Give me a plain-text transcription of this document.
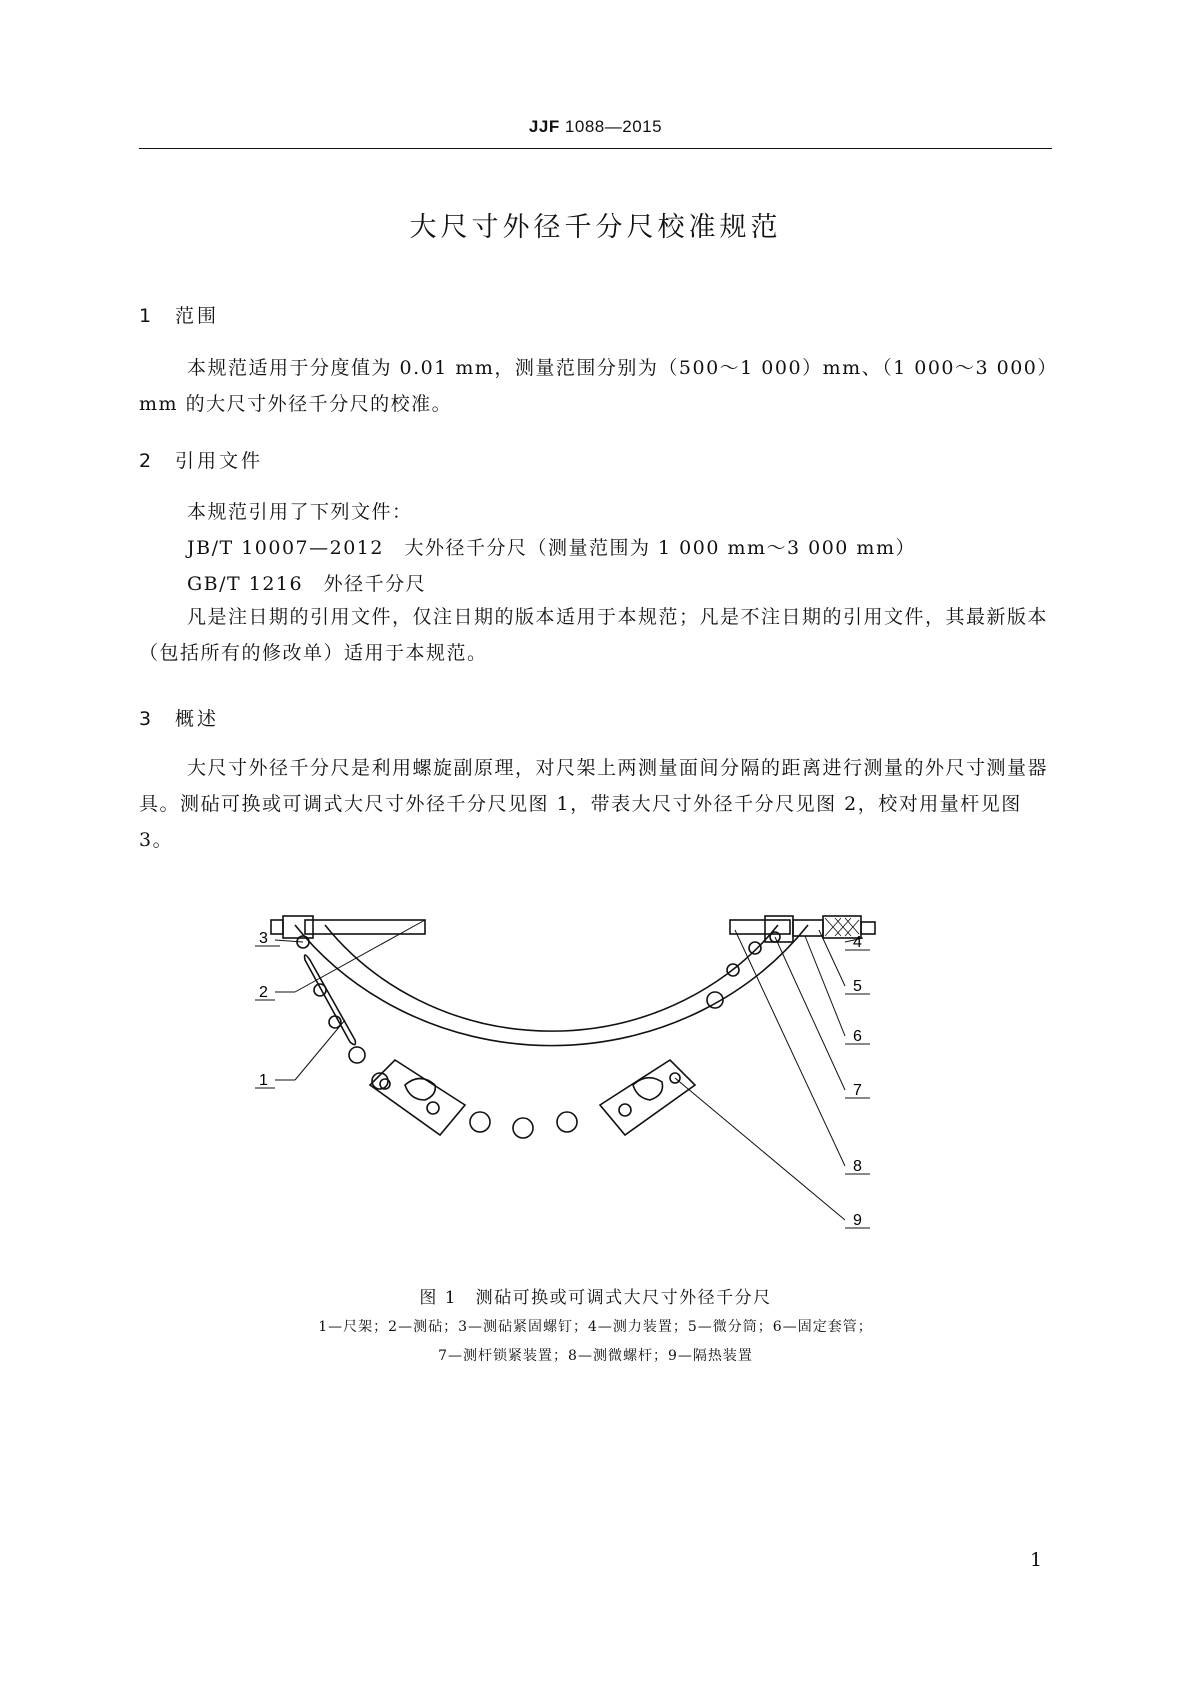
JJF 1088—2015
大尺寸外径千分尺校准规范
1 范围
本规范适用于分度值为 0.01 mm，测量范围分别为（500～1 000）mm、（1 000～3 000）mm 的大尺寸外径千分尺的校准。
2 引用文件
本规范引用了下列文件：
JB/T 10007—2012　大外径千分尺（测量范围为 1 000 mm～3 000 mm）
GB/T 1216　外径千分尺
凡是注日期的引用文件，仅注日期的版本适用于本规范；凡是不注日期的引用文件，其最新版本（包括所有的修改单）适用于本规范。
3 概述
大尺寸外径千分尺是利用螺旋副原理，对尺架上两测量面间分隔的距离进行测量的外尺寸测量器具。测砧可换或可调式大尺寸外径千分尺见图 1，带表大尺寸外径千分尺见图 2，校对用量杆见图 3。
3
2
1
4
5
6
7
8
9
图 1　测砧可换或可调式大尺寸外径千分尺
1—尺架；2—测砧；3—测砧紧固螺钉；4—测力装置；5—微分筒；6—固定套管；
7—测杆锁紧装置；8—测微螺杆；9—隔热装置
1
